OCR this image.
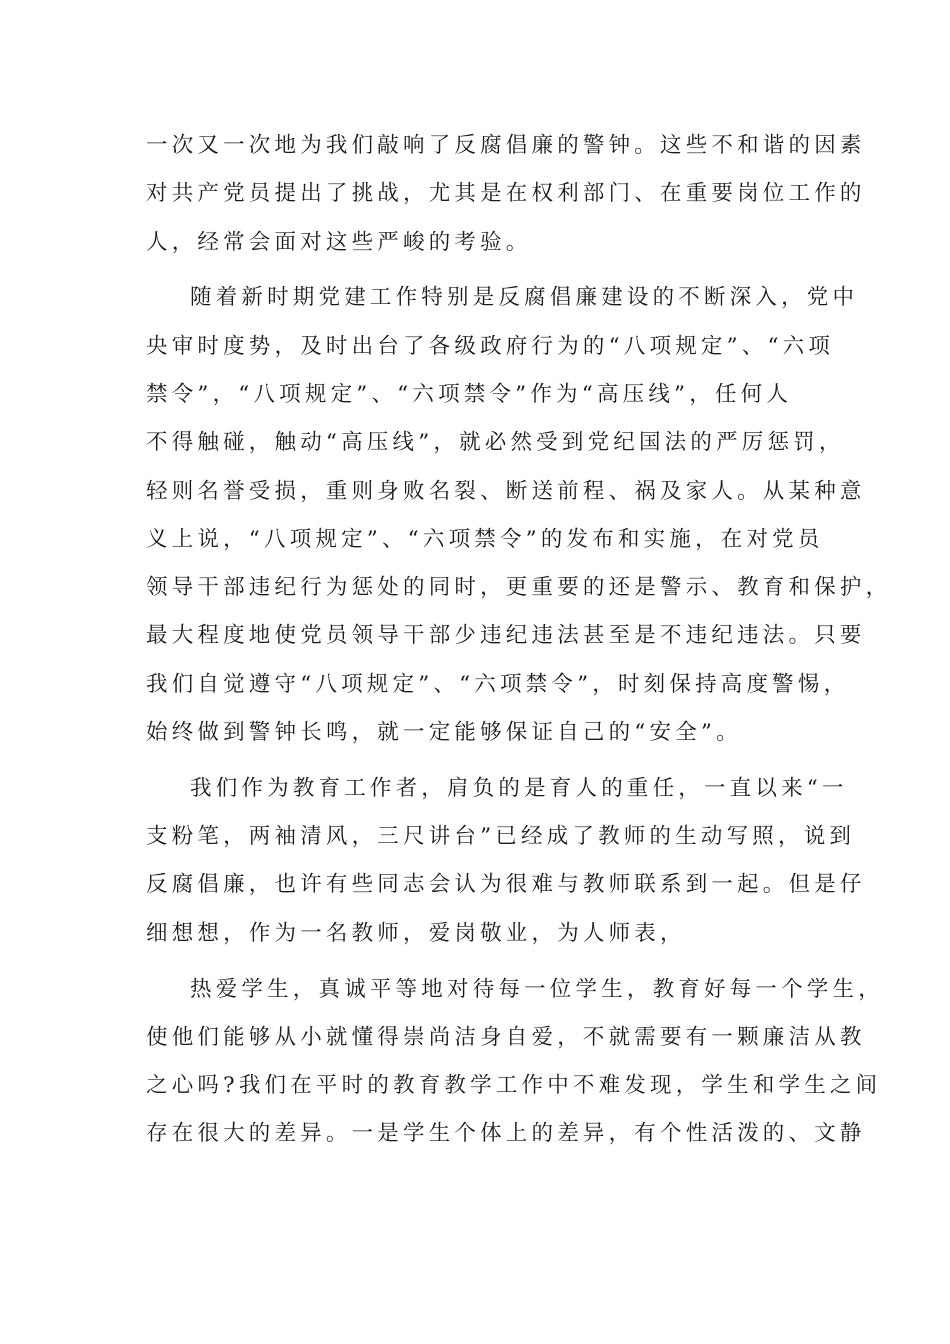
一次又一次地为我们敲响了反腐倡廉的警钟。这些不和谐的因素
对共产党员提出了挑战，尤其是在权利部门、在重要岗位工作的
人，经常会面对这些严峻的考验。
随着新时期党建工作特别是反腐倡廉建设的不断深入，党中
央审时度势，及时出台了各级政府行为的“八项规定”、“六项
禁令”，“八项规定”、“六项禁令”作为“高压线”，任何人
不得触碰，触动“高压线”，就必然受到党纪国法的严厉惩罚，
轻则名誉受损，重则身败名裂、断送前程、祸及家人。从某种意
义上说，“八项规定”、“六项禁令”的发布和实施，在对党员
领导干部违纪行为惩处的同时，更重要的还是警示、教育和保护，
最大程度地使党员领导干部少违纪违法甚至是不违纪违法。只要
我们自觉遵守“八项规定”、“六项禁令”，时刻保持高度警惕，
始终做到警钟长鸣，就一定能够保证自己的“安全”。
我们作为教育工作者，肩负的是育人的重任，一直以来“一
支粉笔，两袖清风，三尺讲台”已经成了教师的生动写照，说到
反腐倡廉，也许有些同志会认为很难与教师联系到一起。但是仔
细想想，作为一名教师，爱岗敬业，为人师表，
热爱学生，真诚平等地对待每一位学生，教育好每一个学生，
使他们能够从小就懂得崇尚洁身自爱，不就需要有一颗廉洁从教
之心吗?我们在平时的教育教学工作中不难发现，学生和学生之间
存在很大的差异。一是学生个体上的差异，有个性活泼的、文静
